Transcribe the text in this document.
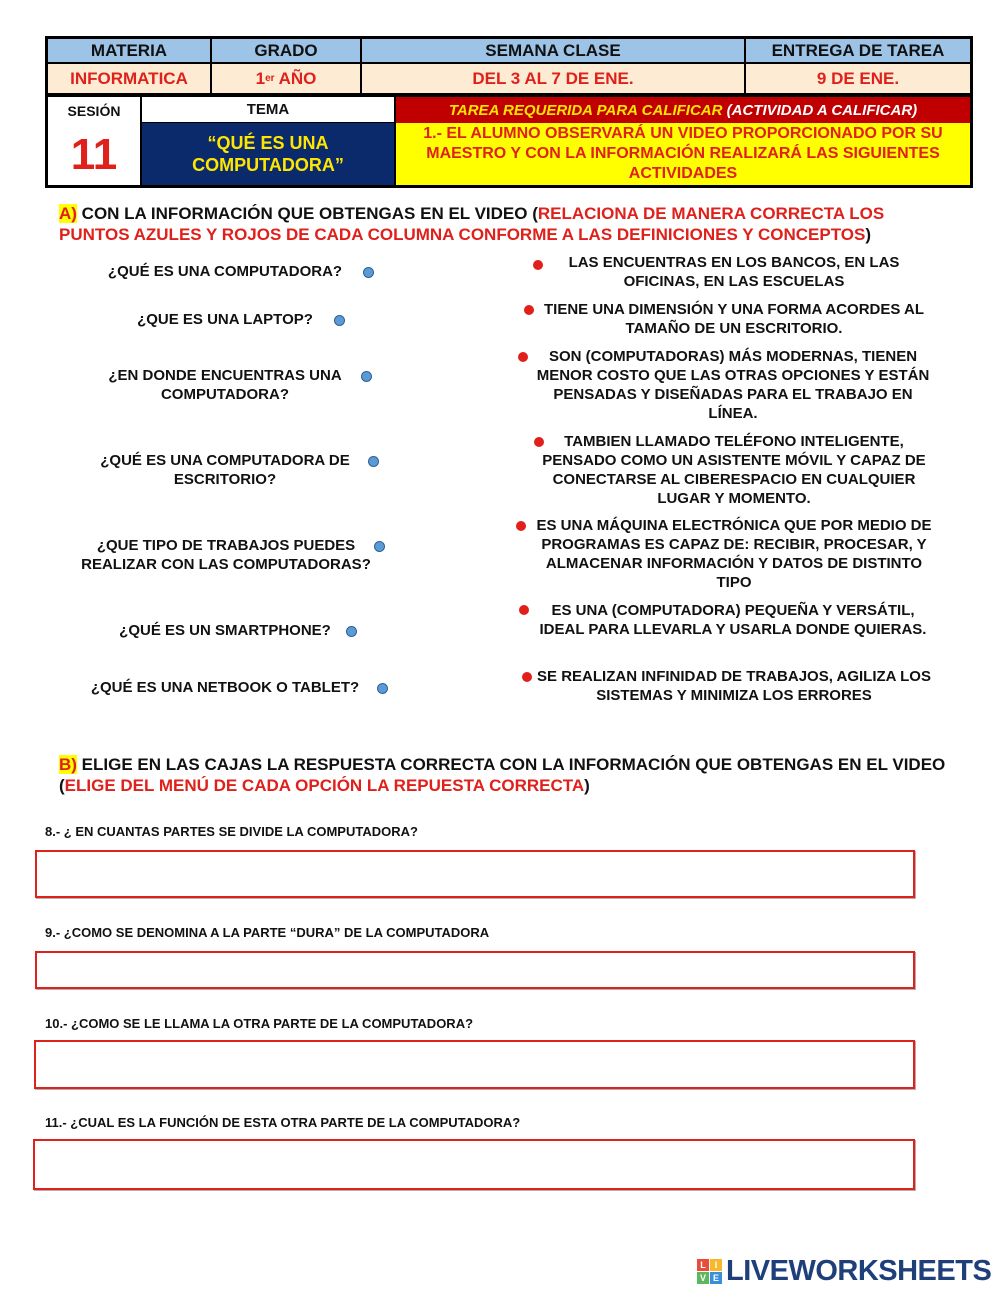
MATERIA	GRADO	SEMANA CLASE	ENTREGA DE TAREA
INFORMATICA	1 er AÑO	DEL 3 AL 7 DE ENE.	9 DE ENE.
SESIÓN
11
TEMA
“QUÉ ES UNA COMPUTADORA”
TAREA REQUERIDA PARA CALIFICAR (ACTIVIDAD A CALIFICAR)
1.- EL ALUMNO OBSERVARÁ UN VIDEO PROPORCIONADO POR SU MAESTRO Y CON LA INFORMACIÓN REALIZARÁ LAS SIGUIENTES ACTIVIDADES
A) CON LA INFORMACIÓN QUE OBTENGAS EN EL VIDEO (RELACIONA DE MANERA CORRECTA LOS PUNTOS AZULES Y ROJOS DE CADA COLUMNA CONFORME A LAS DEFINICIONES Y CONCEPTOS)
¿QUÉ ES UNA COMPUTADORA?
¿QUE ES UNA LAPTOP?
¿EN DONDE ENCUENTRAS UNA COMPUTADORA?
¿QUÉ ES UNA COMPUTADORA DE ESCRITORIO?
¿QUE TIPO DE TRABAJOS PUEDES REALIZAR CON LAS COMPUTADORAS?
¿QUÉ ES UN SMARTPHONE?
¿QUÉ ES UNA NETBOOK O TABLET?
LAS ENCUENTRAS EN LOS BANCOS, EN LAS OFICINAS, EN LAS ESCUELAS
TIENE UNA DIMENSIÓN Y UNA FORMA ACORDES AL TAMAÑO DE UN ESCRITORIO.
SON (COMPUTADORAS) MÁS MODERNAS, TIENEN MENOR COSTO QUE LAS OTRAS OPCIONES Y ESTÁN PENSADAS Y DISEÑADAS PARA EL TRABAJO EN LÍNEA.
TAMBIEN LLAMADO TELÉFONO INTELIGENTE, PENSADO COMO UN ASISTENTE MÓVIL Y CAPAZ DE CONECTARSE AL CIBERESPACIO EN CUALQUIER LUGAR Y MOMENTO.
ES UNA MÁQUINA ELECTRÓNICA QUE POR MEDIO DE PROGRAMAS ES CAPAZ DE: RECIBIR, PROCESAR, Y ALMACENAR INFORMACIÓN Y DATOS DE DISTINTO TIPO
ES UNA (COMPUTADORA) PEQUEÑA Y VERSÁTIL, IDEAL PARA LLEVARLA Y USARLA DONDE QUIERAS.
SE REALIZAN INFINIDAD DE TRABAJOS, AGILIZA LOS SISTEMAS Y MINIMIZA LOS ERRORES
B) ELIGE EN LAS CAJAS LA RESPUESTA CORRECTA CON LA INFORMACIÓN QUE OBTENGAS EN EL VIDEO (ELIGE DEL MENÚ DE CADA OPCIÓN LA REPUESTA CORRECTA)
8.- ¿ EN CUANTAS PARTES SE DIVIDE LA COMPUTADORA?
9.- ¿COMO SE DENOMINA A LA PARTE “DURA” DE LA COMPUTADORA
10.- ¿COMO SE LE LLAMA LA OTRA PARTE DE LA COMPUTADORA?
11.- ¿CUAL ES LA FUNCIÓN DE ESTA OTRA PARTE DE LA COMPUTADORA?
L I
V E LIVEWORKSHEETS
